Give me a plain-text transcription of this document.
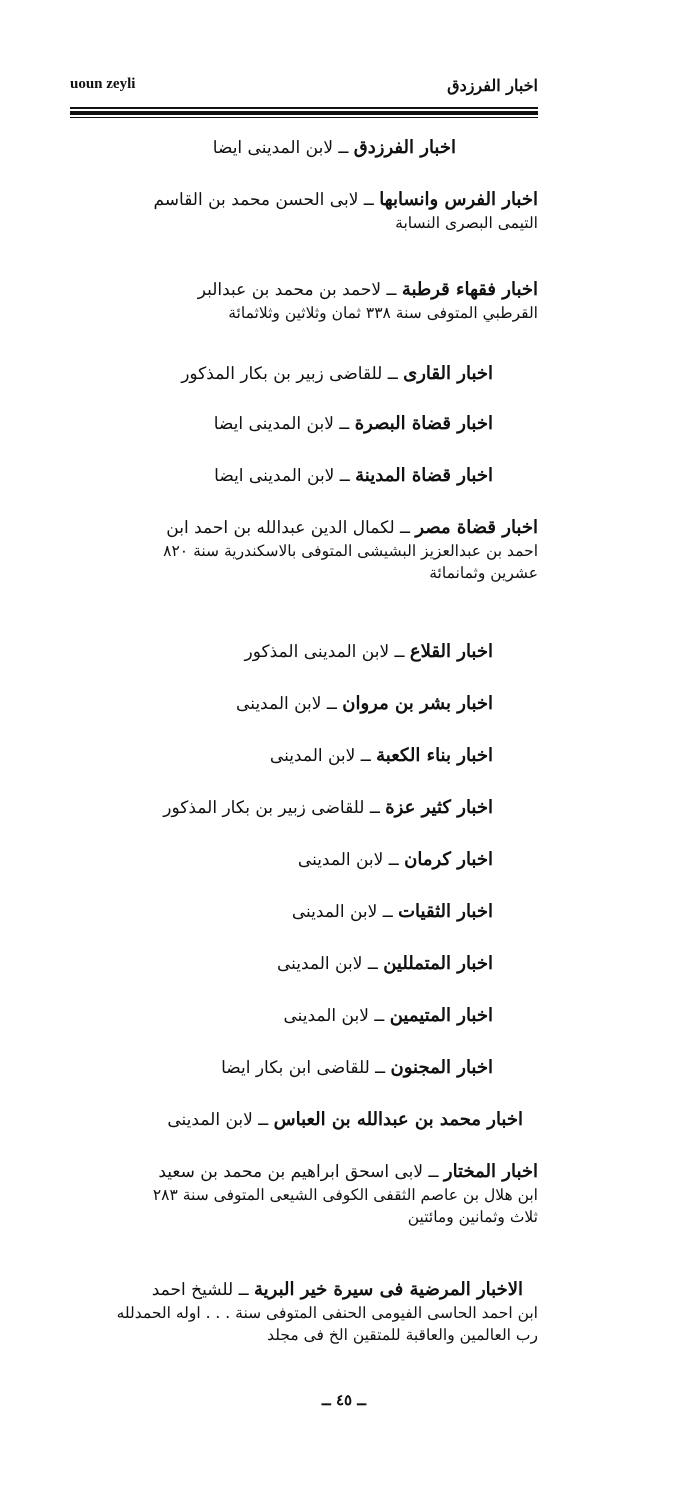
uoun zeyli	اخبار الفرزدق
اخبار الفرزدق ــ لابن المدينى ايضا
اخبار الفرس وانسابها ــ لابى الحسن محمد بن القاسم
التيمى البصرى النسابة
اخبار فقهاء قرطبة ــ لاحمد بن محمد بن عبدالبر
القرطبي المتوفى سنة ٣٣٨ ثمان وثلاثين وثلاثمائة
اخبار القارى ــ للقاضى زبير بن بكار المذكور
اخبار قضاة البصرة ــ لابن المدينى ايضا
اخبار قضاة المدينة ــ لابن المدينى ايضا
اخبار قضاة مصر ــ لكمال الدين عبدالله بن احمد ابن
احمد بن عبدالعزيز البشيشى المتوفى بالاسكندرية سنة ٨٢٠
عشرين وثمانمائة
اخبار القلاع ــ لابن المدينى المذكور
اخبار بشر بن مروان ــ لابن المدينى
اخبار بناء الكعبة ــ لابن المدينى
اخبار كثير عزة ــ للقاضى زبير بن بكار المذكور
اخبار كرمان ــ لابن المدينى
اخبار الثقيات ــ لابن المدينى
اخبار المتمللين ــ لابن المدينى
اخبار المتيمين ــ لابن المدينى
اخبار المجنون ــ للقاضى ابن بكار ايضا
اخبار محمد بن عبدالله بن العباس ــ لابن المدينى
اخبار المختار ــ لابى اسحق ابراهيم بن محمد بن سعيد
ابن هلال بن عاصم الثقفى الكوفى الشيعى المتوفى سنة ٢٨٣
ثلاث وثمانين ومائتين
الاخبار المرضية فى سيرة خير البرية ــ للشيخ احمد
ابن احمد الحاسى الفيومى الحنفى المتوفى سنة . . . اوله الحمدلله
رب العالمين والعاقبة للمتقين الخ فى مجلد
ــ ٤٥ ــ
